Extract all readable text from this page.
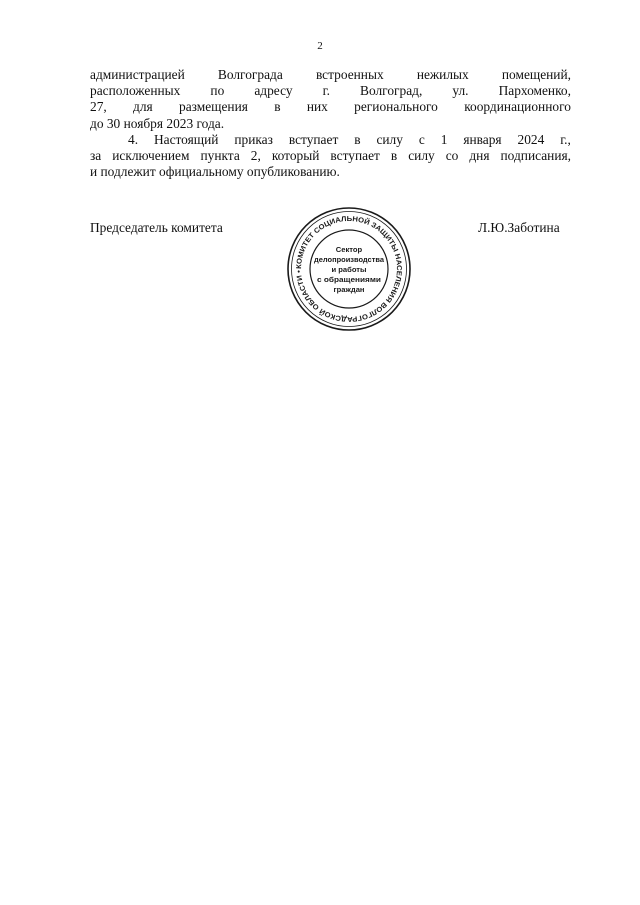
2
администрацией Волгограда встроенных нежилых помещений,
расположенных по адресу г. Волгоград, ул. Пархоменко,
27, для размещения в них регионального координационного
до 30 ноября 2023 года.
4. Настоящий приказ вступает в силу с 1 января 2024 г.,
за исключением пункта 2, который вступает в силу со дня подписания,
и подлежит официальному опубликованию.
Председатель комитета	Л.Ю.Заботина
КОМИТЕТ СОЦИАЛЬНОЙ ЗАЩИТЫ НАСЕЛЕНИЯ ВОЛГОГРАДСКОЙ ОБЛАСТИ •
Сектор
делопроизводства
и работы
с обращениями
граждан
